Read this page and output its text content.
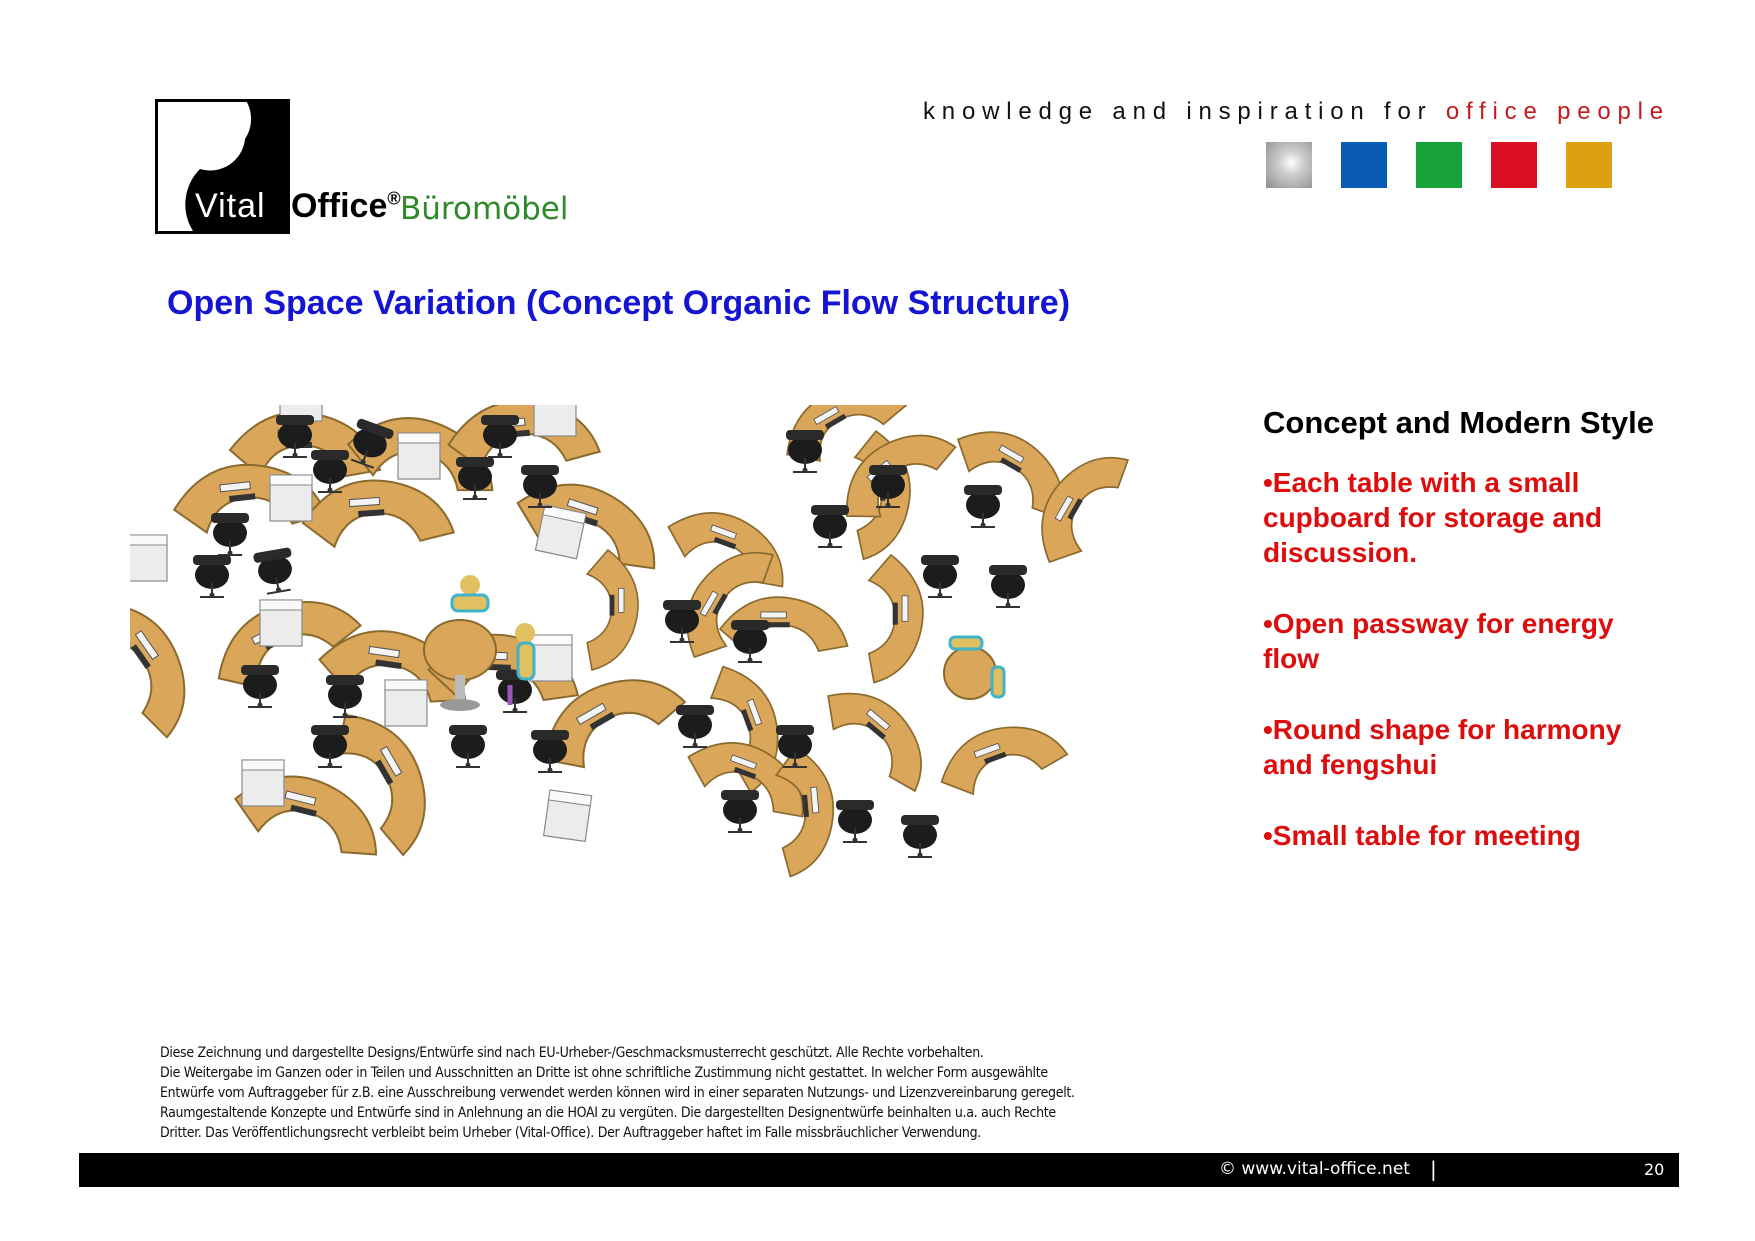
Vital Office® Büromöbel
knowledge and inspiration for office people
Open Space Variation (Concept Organic Flow Structure)
Concept and Modern Style
•Each table with a small cupboard for storage and discussion.
•Open passway for energy flow
•Round shape for harmony and fengshui
•Small table for meeting
Diese Zeichnung und dargestellte Designs/Entwürfe sind nach EU-Urheber-/Geschmacksmusterrecht geschützt. Alle Rechte vorbehalten.
Die Weitergabe im Ganzen oder in Teilen und Ausschnitten an Dritte ist ohne schriftliche Zustimmung nicht gestattet. In welcher Form ausgewählte
Entwürfe vom Auftraggeber für z.B. eine Ausschreibung verwendet werden können wird in einer separaten Nutzungs- und Lizenzvereinbarung geregelt.
Raumgestaltende Konzepte und Entwürfe sind in Anlehnung an die HOAI zu vergüten. Die dargestellten Designentwürfe beinhalten u.a. auch Rechte
Dritter. Das Veröffentlichungsrecht verbleibt beim Urheber (Vital-Office). Der Auftraggeber haftet im Falle missbräuchlicher Verwendung.
© www.vital-office.net |	20
